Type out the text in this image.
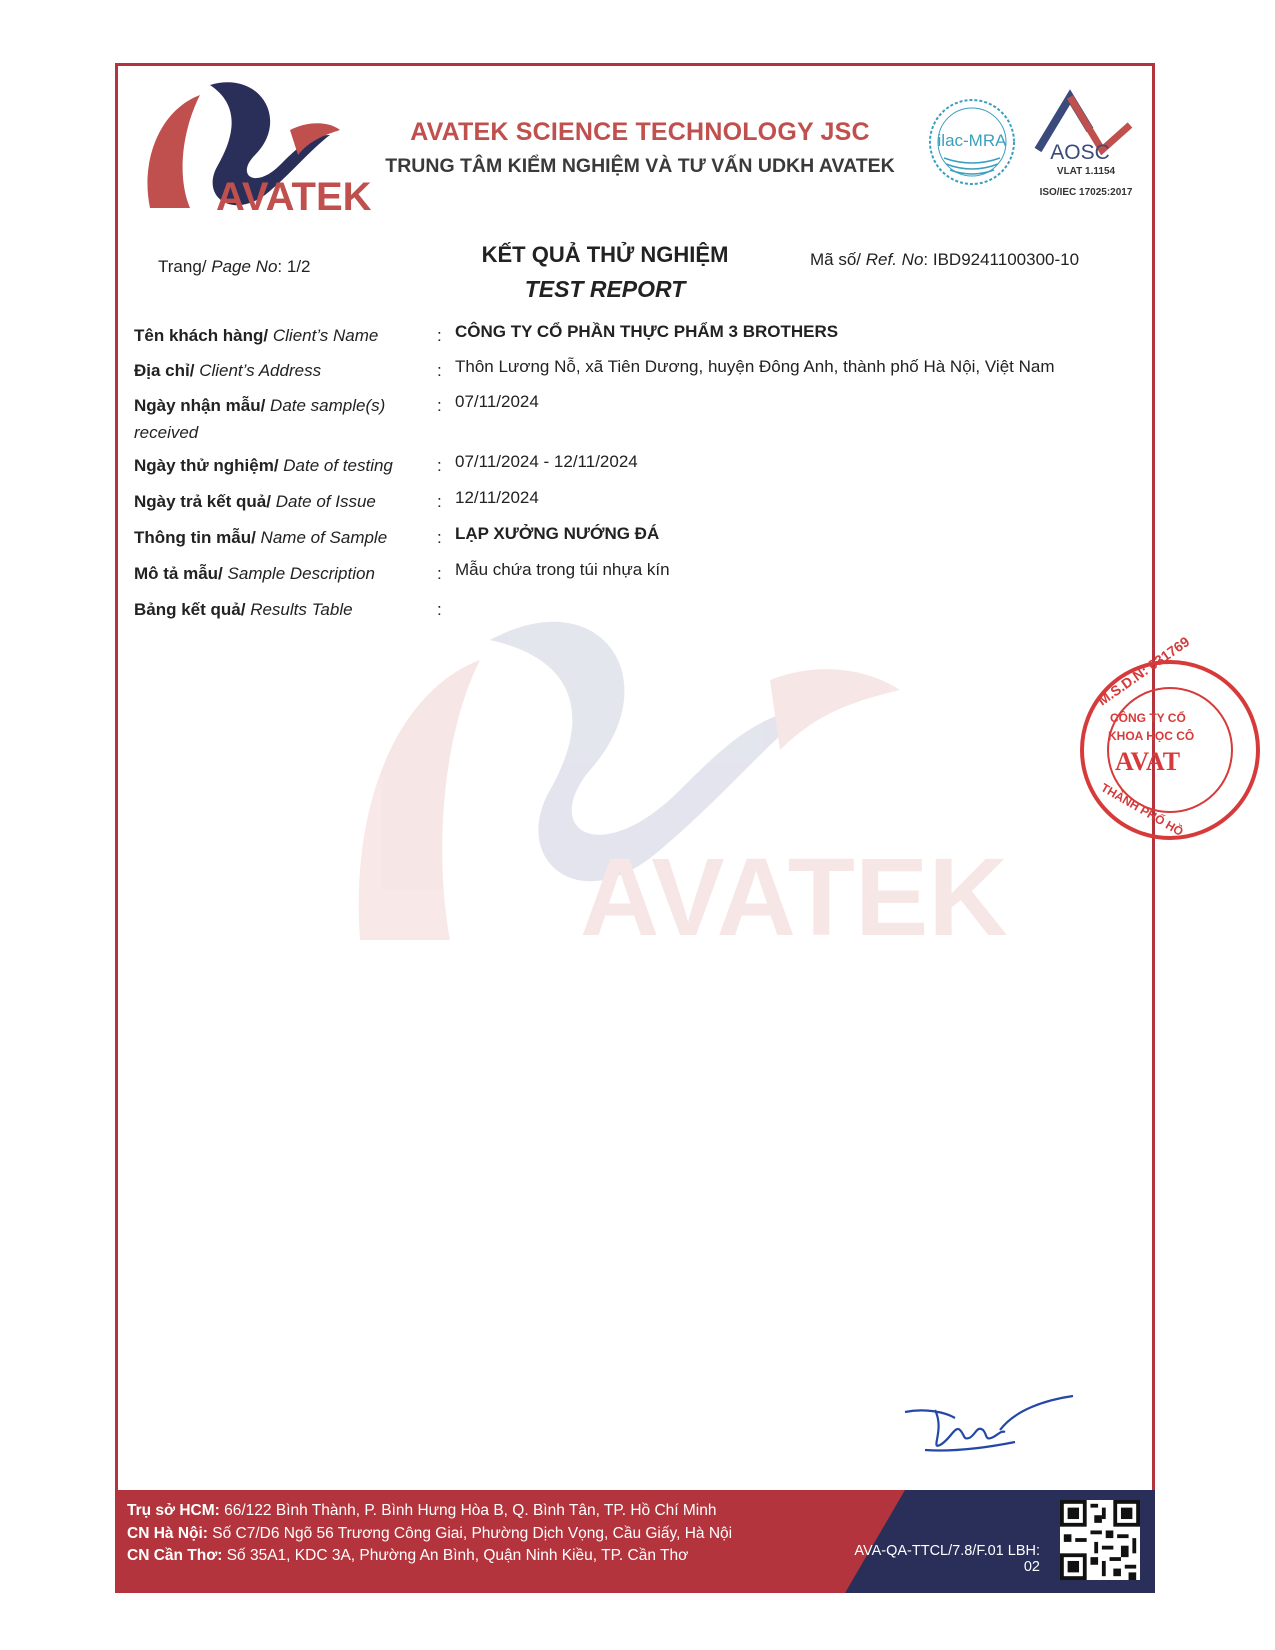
AVATEK
AVATEK
AVATEK SCIENCE TECHNOLOGY JSC
TRUNG TÂM KIỂM NGHIỆM VÀ TƯ VẤN UDKH AVATEK
ilac-MRA
AOSC
VLAT 1.1154
ISO/IEC 17025:2017
Trang/ Page No: 1/2	KẾT QUẢ THỬ NGHIỆM
TEST REPORT
Mã số/ Ref. No: IBD9241100300-10
Tên khách hàng/ Client’s Name	: CÔNG TY CỔ PHẦN THỰC PHẨM 3 BROTHERS
Địa chỉ/ Client’s Address	: Thôn Lương Nỗ, xã Tiên Dương, huyện Đông Anh, thành phố Hà Nội, Việt Nam
Ngày nhận mẫu/ Date sample(s) received
: 07/11/2024
Ngày thử nghiệm/ Date of testing	: 07/11/2024 - 12/11/2024
Ngày trả kết quả/ Date of Issue	: 12/11/2024
Thông tin mẫu/ Name of Sample	: LẠP XƯỞNG NƯỚNG ĐÁ
Mô tả mẫu/ Sample Description	: Mẫu chứa trong túi nhựa kín
Bảng kết quả/ Results Table	:
M.S.D.N: 031769
CÔNG TY CỔ
KHOA HỌC CÔ
AVAT
THÀNH PHỐ HỒ
Trụ sở HCM: 66/122 Bình Thành, P. Bình Hưng Hòa B, Q. Bình Tân, TP. Hồ Chí Minh
CN Hà Nội: Số C7/D6 Ngõ 56 Trương Công Giai, Phường Dịch Vọng, Cầu Giấy, Hà Nội
CN Cần Thơ: Số 35A1, KDC 3A, Phường An Bình, Quận Ninh Kiều, TP. Cần Thơ	AVA-QA-TTCL/7.8/F.01 LBH: 02
